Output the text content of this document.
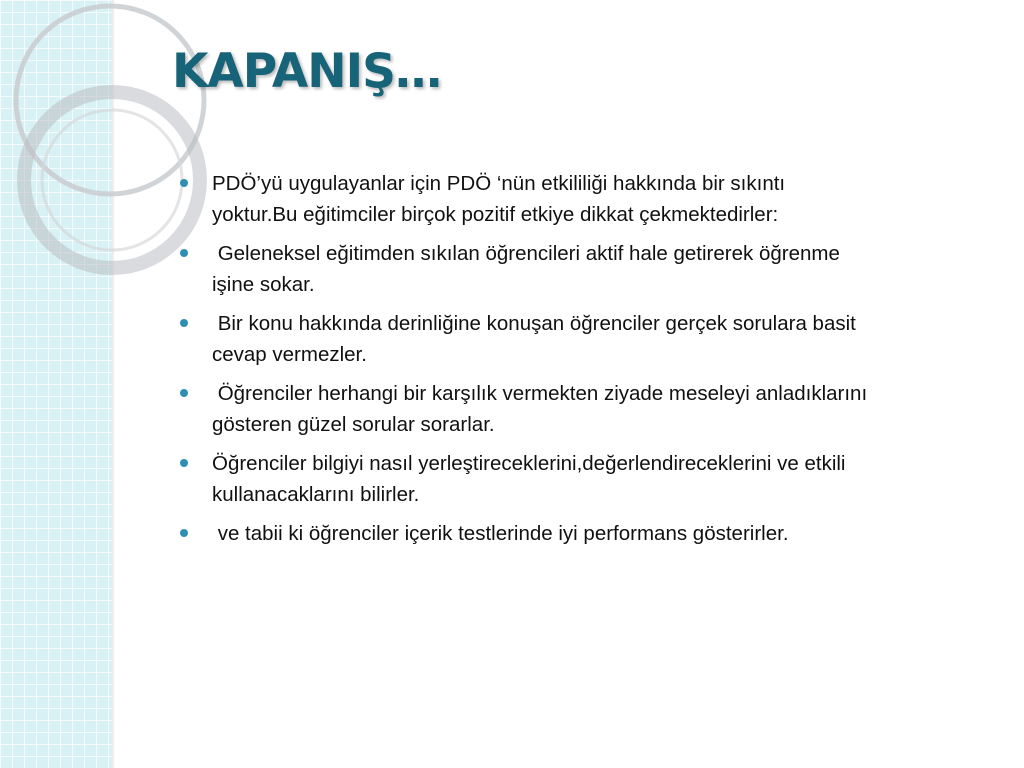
KAPANIŞ…
PDÖ’yü uygulayanlar için PDÖ ‘nün etkililiği hakkında bir sıkıntı yoktur.Bu eğitimciler birçok pozitif etkiye dikkat çekmektedirler:
Geleneksel eğitimden sıkılan öğrencileri aktif hale getirerek öğrenme işine sokar.
Bir konu hakkında derinliğine konuşan öğrenciler gerçek sorulara basit cevap vermezler.
Öğrenciler herhangi bir karşılık vermekten ziyade meseleyi anladıklarını gösteren güzel sorular sorarlar.
Öğrenciler bilgiyi nasıl yerleştireceklerini,değerlendireceklerini ve etkili kullanacaklarını bilirler.
ve tabii ki öğrenciler içerik testlerinde iyi performans gösterirler.
